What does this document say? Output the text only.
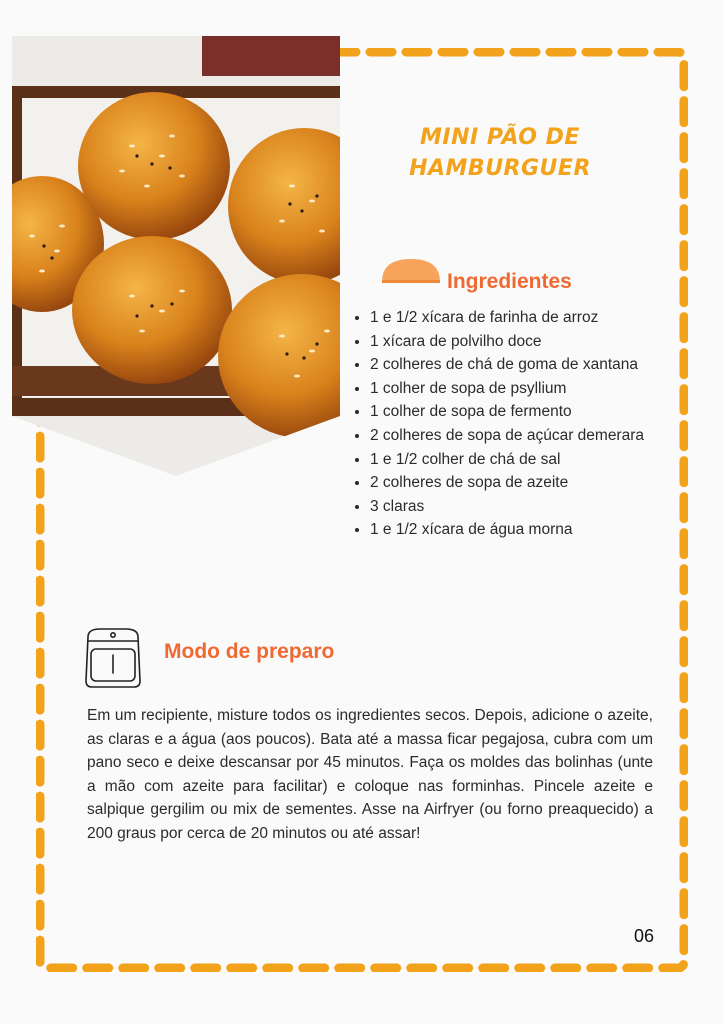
MINI PÃO DE HAMBURGUER
Ingredientes
• 1 e 1/2 xícara de farinha de arroz
• 1 xícara de polvilho doce
• 2 colheres de chá de goma de xantana
• 1 colher de sopa de psyllium
• 1 colher de sopa de fermento
• 2 colheres de sopa de açúcar demerara
• 1 e 1/2 colher de chá de sal
• 2 colheres de sopa de azeite
• 3 claras
• 1 e 1/2 xícara de água morna
Modo de preparo

Em um recipiente, misture todos os ingredientes secos. Depois, adicione o azeite, as claras e a água (aos poucos). Bata até a massa ficar pegajosa, cubra com um pano seco e deixe descansar por 45 minutos. Faça os moldes das bolinhas (unte a mão com azeite para facilitar) e coloque nas forminhas. Pincele azeite e salpique gergilim ou mix de sementes. Asse na Airfryer (ou forno preaquecido) a 200 graus por cerca de 20 minutos ou até assar!

06
